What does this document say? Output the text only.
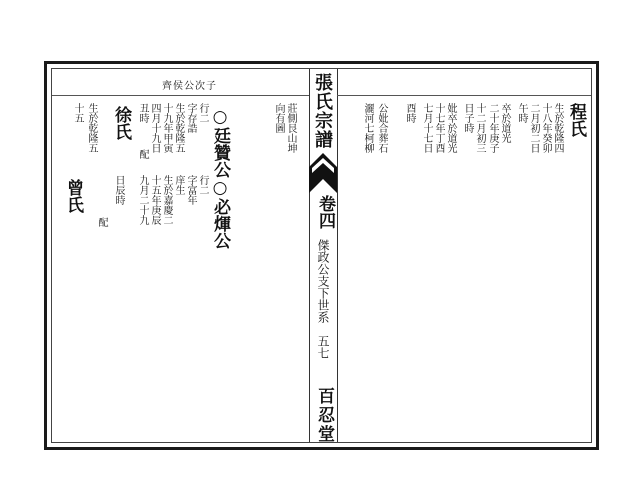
齊侯公次子	張氏宗譜
卷四
傑政公支下世系
五七
百忍堂
程氏
生於乾隆四
十八年癸卯
二月初二日
午時
卒於道光
二十年庚子
十二月初三
日子時
妣卒於道光
十七年丁酉
七月十七日
酉時
公妣合葬石
灑河七柯柳
莊側艮山坤
向有圖
○廷贊公○必煇公
行二
字存誥
生於乾隆五
十九年甲寅
四月十九日
丑時
配
徐氏
生於乾隆五
十五
行二
字富年
庠生
生於嘉慶二
十五年庚辰
九月二十九
日辰時
配
曾氏
